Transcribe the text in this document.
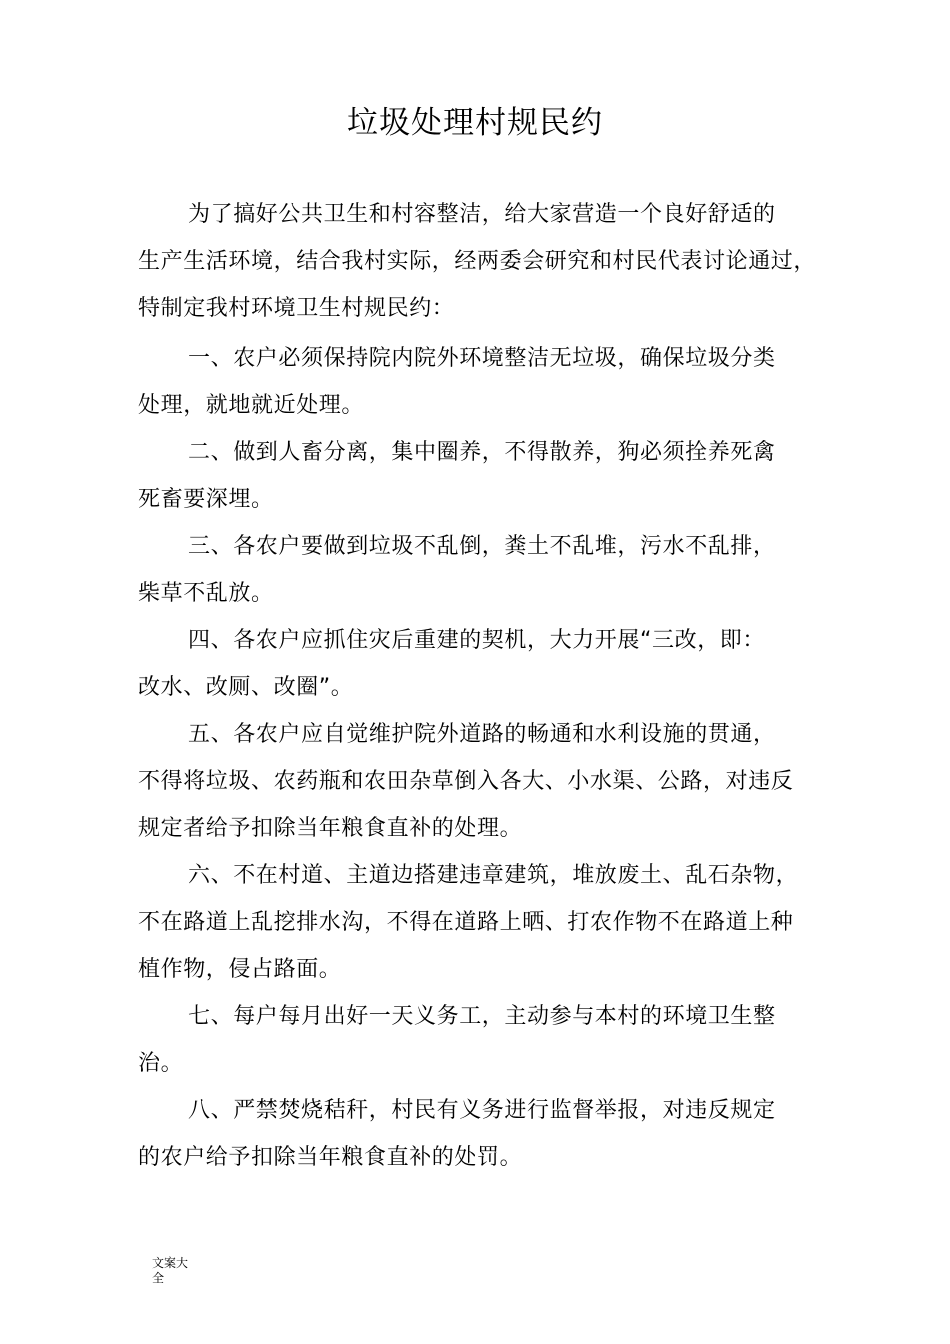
垃圾处理村规民约
为了搞好公共卫生和村容整洁，给大家营造一个良好舒适的
生产生活环境，结合我村实际，经两委会研究和村民代表讨论通过，
特制定我村环境卫生村规民约：
一、农户必须保持院内院外环境整洁无垃圾，确保垃圾分类
处理，就地就近处理。
二、做到人畜分离，集中圈养，不得散养，狗必须拴养死禽
死畜要深埋。
三、各农户要做到垃圾不乱倒，粪土不乱堆，污水不乱排，
柴草不乱放。
四、各农户应抓住灾后重建的契机，大力开展“三改，即：
改水、改厕、改圈”。
五、各农户应自觉维护院外道路的畅通和水利设施的贯通，
不得将垃圾、农药瓶和农田杂草倒入各大、小水渠、公路，对违反
规定者给予扣除当年粮食直补的处理。
六、不在村道、主道边搭建违章建筑，堆放废土、乱石杂物，
不在路道上乱挖排水沟，不得在道路上晒、打农作物不在路道上种
植作物，侵占路面。
七、每户每月出好一天义务工，主动参与本村的环境卫生整
治。
八、严禁焚烧秸秆，村民有义务进行监督举报，对违反规定
的农户给予扣除当年粮食直补的处罚。
文案大全
